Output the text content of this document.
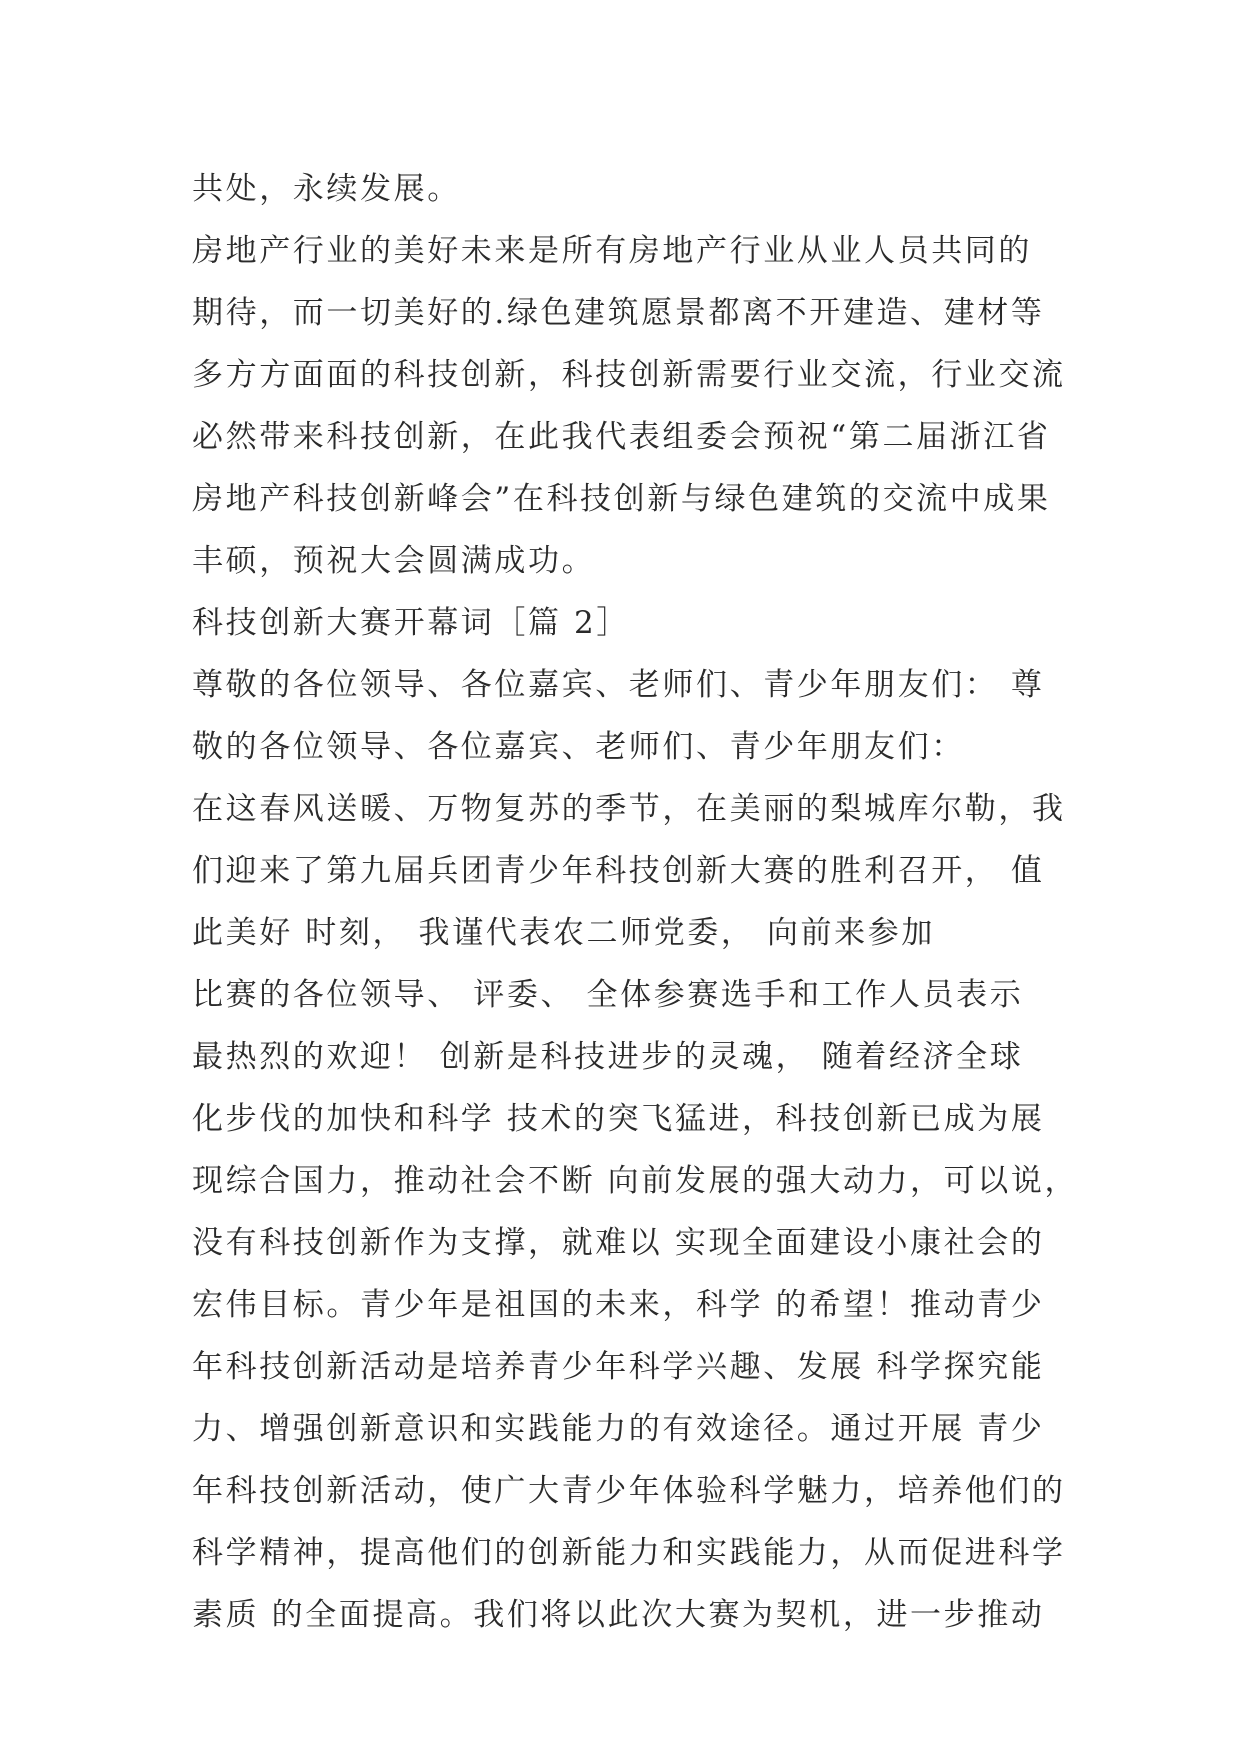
共处，永续发展。
房地产行业的美好未来是所有房地产行业从业人员共同的
期待，而一切美好的.绿色建筑愿景都离不开建造、建材等
多方方面面的科技创新，科技创新需要行业交流，行业交流
必然带来科技创新，在此我代表组委会预祝“第二届浙江省
房地产科技创新峰会”在科技创新与绿色建筑的交流中成果
丰硕，预祝大会圆满成功。
科技创新大赛开幕词［篇 2］
尊敬的各位领导、各位嘉宾、老师们、青少年朋友们： 尊
敬的各位领导、各位嘉宾、老师们、青少年朋友们：
在这春风送暖、万物复苏的季节，在美丽的梨城库尔勒，我
们迎来了第九届兵团青少年科技创新大赛的胜利召开， 值
此美好 时刻， 我谨代表农二师党委， 向前来参加
比赛的各位领导、 评委、 全体参赛选手和工作人员表示
最热烈的欢迎！ 创新是科技进步的灵魂， 随着经济全球
化步伐的加快和科学 技术的突飞猛进，科技创新已成为展
现综合国力，推动社会不断 向前发展的强大动力，可以说，
没有科技创新作为支撑，就难以 实现全面建设小康社会的
宏伟目标。青少年是祖国的未来，科学 的希望！推动青少
年科技创新活动是培养青少年科学兴趣、发展 科学探究能
力、增强创新意识和实践能力的有效途径。通过开展 青少
年科技创新活动，使广大青少年体验科学魅力，培养他们的
科学精神，提高他们的创新能力和实践能力，从而促进科学
素质 的全面提高。我们将以此次大赛为契机，进一步推动
